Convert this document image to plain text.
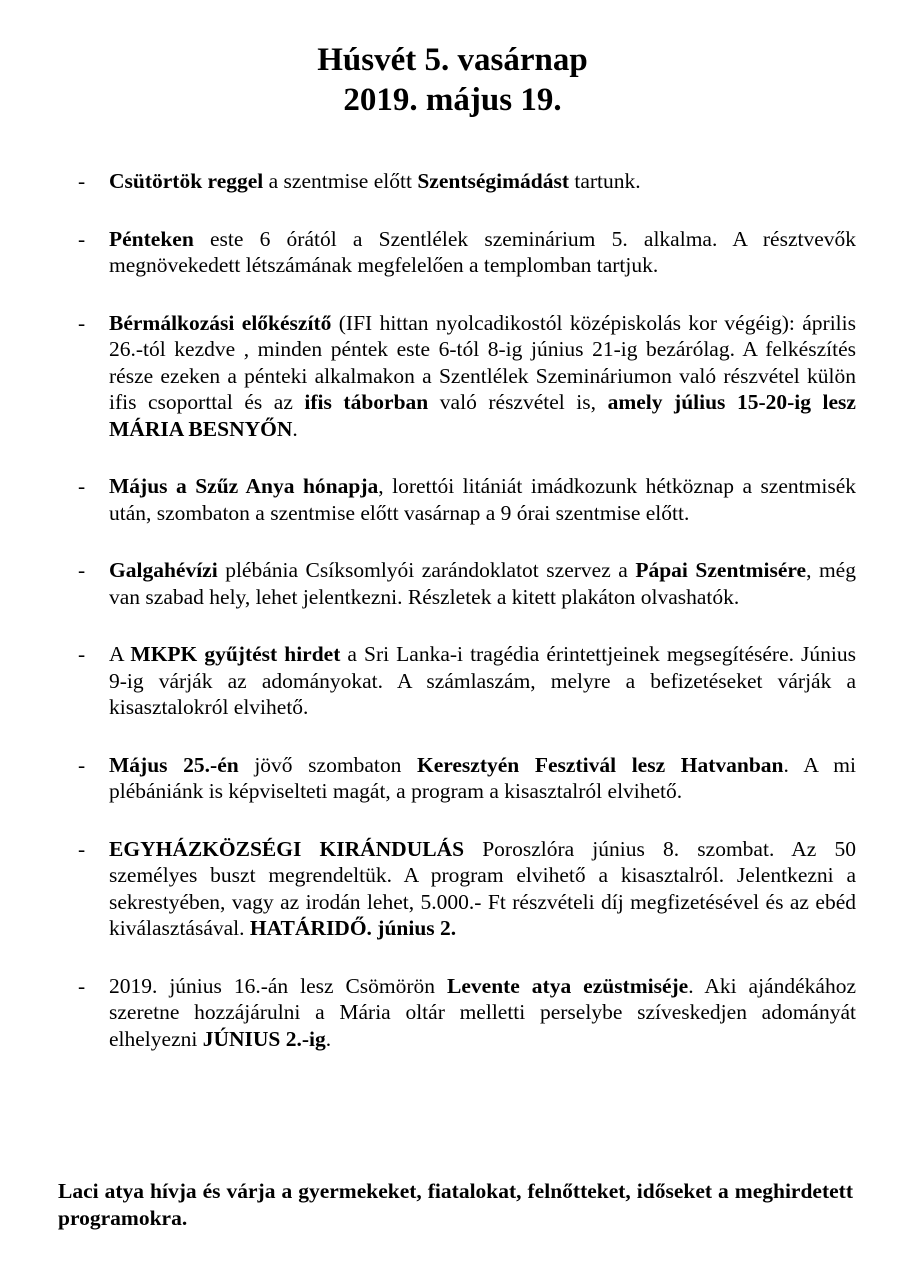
Húsvét 5. vasárnap
2019. május 19.
- Csütörtök reggel a szentmise előtt Szentségimádást tartunk.
- Pénteken este 6 órától a Szentlélek szeminárium 5. alkalma. A résztvevők megnövekedett létszámának megfelelően a templomban tartjuk.
- Bérmálkozási előkészítő (IFI hittan nyolcadikostól középiskolás kor végéig): április 26.-tól kezdve , minden péntek este 6-tól 8-ig június 21-ig bezárólag. A felkészítés része ezeken a pénteki alkalmakon a Szentlélek Szemináriumon való részvétel külön ifis csoporttal és az ifis táborban való részvétel is, amely július 15-20-ig lesz MÁRIA BESNYŐN.
- Május a Szűz Anya hónapja, lorettói litániát imádkozunk hétköznap a szentmisék után, szombaton a szentmise előtt vasárnap a 9 órai szentmise előtt.
- Galgahévízi plébánia Csíksomlyói zarándoklatot szervez a Pápai Szentmisére, még van szabad hely, lehet jelentkezni. Részletek a kitett plakáton olvashatók.
- A MKPK gyűjtést hirdet a Sri Lanka-i tragédia érintettjeinek megsegítésére. Június 9-ig várják az adományokat. A számlaszám, melyre a befizetéseket várják a kisasztalokról elvihető.
- Május 25.-én jövő szombaton Keresztyén Fesztivál lesz Hatvanban. A mi plébániánk is képviselteti magát, a program a kisasztalról elvihető.
- EGYHÁZKÖZSÉGI KIRÁNDULÁS Poroszlóra június 8. szombat. Az 50 személyes buszt megrendeltük. A program elvihető a kisasztalról. Jelentkezni a sekrestyében, vagy az irodán lehet, 5.000.- Ft részvételi díj megfizetésével és az ebéd kiválasztásával. HATÁRIDŐ. június 2.
- 2019. június 16.-án lesz Csömörön Levente atya ezüstmiséje. Aki ajándékához szeretne hozzájárulni a Mária oltár melletti perselybe szíveskedjen adományát elhelyezni JÚNIUS 2.-ig.
Laci atya hívja és várja a gyermekeket, fiatalokat, felnőtteket, időseket a meghirdetett programokra.
